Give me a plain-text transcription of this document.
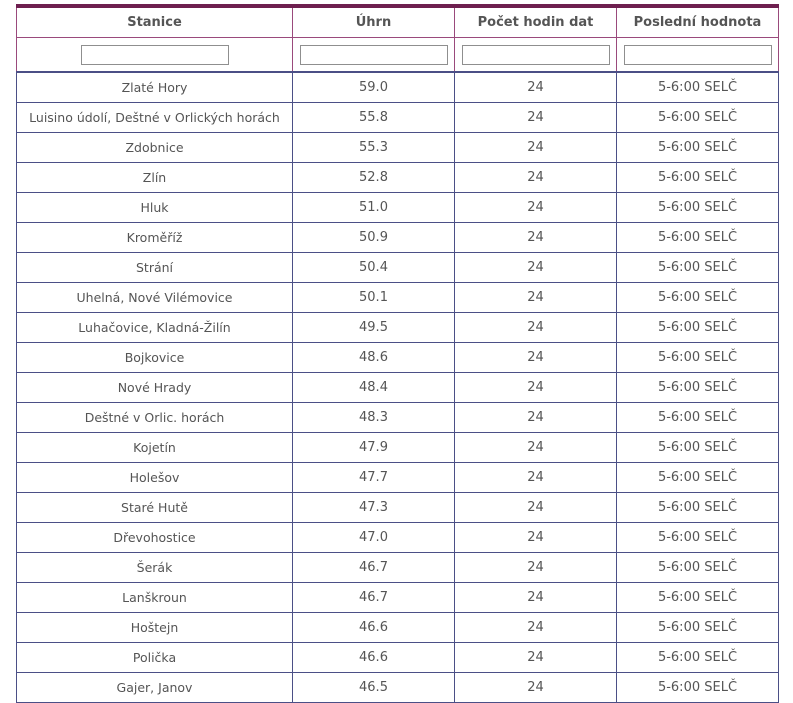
Stanice	Úhrn	Počet hodin dat	Poslední hodnota

Zlaté Hory	59.0	24	5-6:00 SELČ
Luisino údolí, Deštné v Orlických horách	55.8	24	5-6:00 SELČ
Zdobnice	55.3	24	5-6:00 SELČ
Zlín	52.8	24	5-6:00 SELČ
Hluk	51.0	24	5-6:00 SELČ
Kroměříž	50.9	24	5-6:00 SELČ
Strání	50.4	24	5-6:00 SELČ
Uhelná, Nové Vilémovice	50.1	24	5-6:00 SELČ
Luhačovice, Kladná-Žilín	49.5	24	5-6:00 SELČ
Bojkovice	48.6	24	5-6:00 SELČ
Nové Hrady	48.4	24	5-6:00 SELČ
Deštné v Orlic. horách	48.3	24	5-6:00 SELČ
Kojetín	47.9	24	5-6:00 SELČ
Holešov	47.7	24	5-6:00 SELČ
Staré Hutě	47.3	24	5-6:00 SELČ
Dřevohostice	47.0	24	5-6:00 SELČ
Šerák	46.7	24	5-6:00 SELČ
Lanškroun	46.7	24	5-6:00 SELČ
Hoštejn	46.6	24	5-6:00 SELČ
Polička	46.6	24	5-6:00 SELČ
Gajer, Janov	46.5	24	5-6:00 SELČ
